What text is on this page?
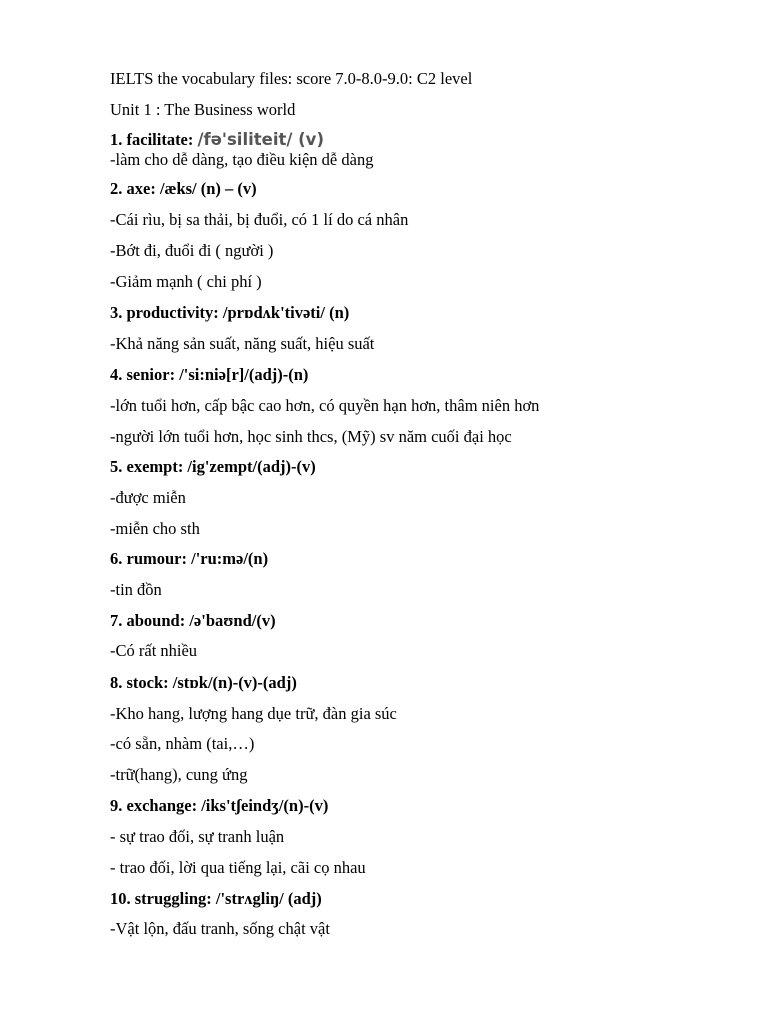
IELTS the vocabulary files: score 7.0-8.0-9.0: C2 level
Unit 1 : The Business world
1. facilitate: /fə'siliteit/ (v)
-làm cho dễ dàng, tạo điều kiện dễ dàng
2. axe: /æks/ (n) – (v)
-Cái rìu, bị sa thải, bị đuổi, có 1 lí do cá nhân
-Bớt đi, đuổi đi ( người )
-Giảm mạnh ( chi phí )
3. productivity: /prɒdʌk'tivəti/ (n)
-Khả năng sản suất, năng suất, hiệu suất
4. senior: /'si:niə[r]/(adj)-(n)
-lớn tuổi hơn, cấp bậc cao hơn, có quyền hạn hơn, thâm niên hơn
-người lớn tuổi hơn, học sinh thcs, (Mỹ) sv năm cuối đại học
5. exempt: /ig'zempt/(adj)-(v)
-được miễn
-miễn cho sth
6. rumour: /'ru:mə/(n)
-tin đồn
7. abound: /ə'baʊnd/(v)
-Có rất nhiều
8. stock: /stɒk/(n)-(v)-(adj)
-Kho hang, lượng hang dụe trữ, đàn gia súc
-có sẵn, nhàm (tai,…)
-trữ(hang), cung ứng
9. exchange: /iks'tʃeindʒ/(n)-(v)
- sự trao đối, sự tranh luận
- trao đối, lời qua tiếng lại, cãi cọ nhau
10. struggling: /'strʌgliŋ/ (adj)
-Vật lộn, đấu tranh, sống chật vật
